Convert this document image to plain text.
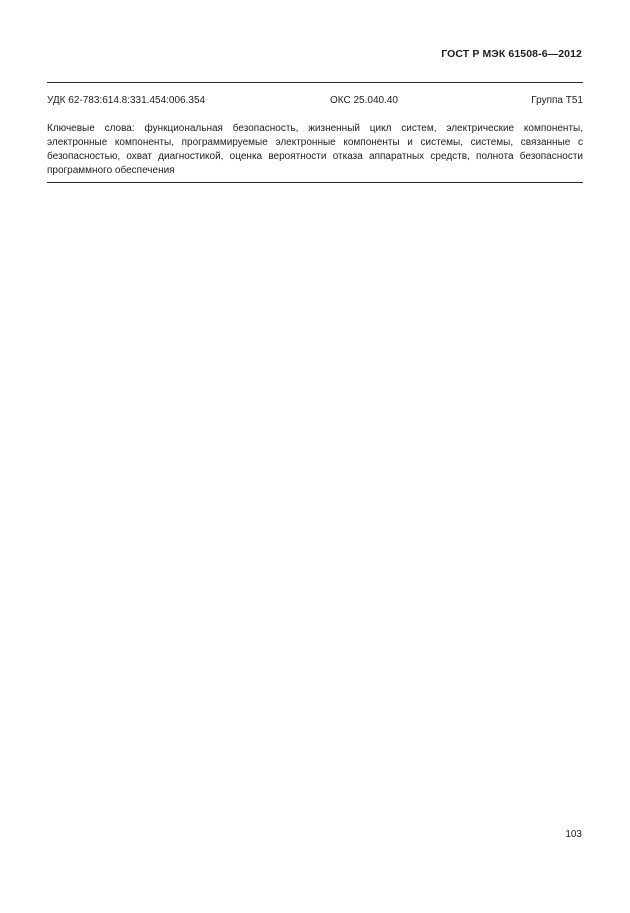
ГОСТ Р МЭК 61508-6—2012
УДК 62-783:614.8:331.454:006.354	ОКС 25.040.40	Группа Т51
Ключевые слова: функциональная безопасность, жизненный цикл систем, электрические компоненты, электронные компоненты, программируемые электронные компоненты и системы, системы, связанные с безопасностью, охват диагностикой, оценка вероятности отказа аппаратных средств, полнота безопасности программного обеспечения
103
